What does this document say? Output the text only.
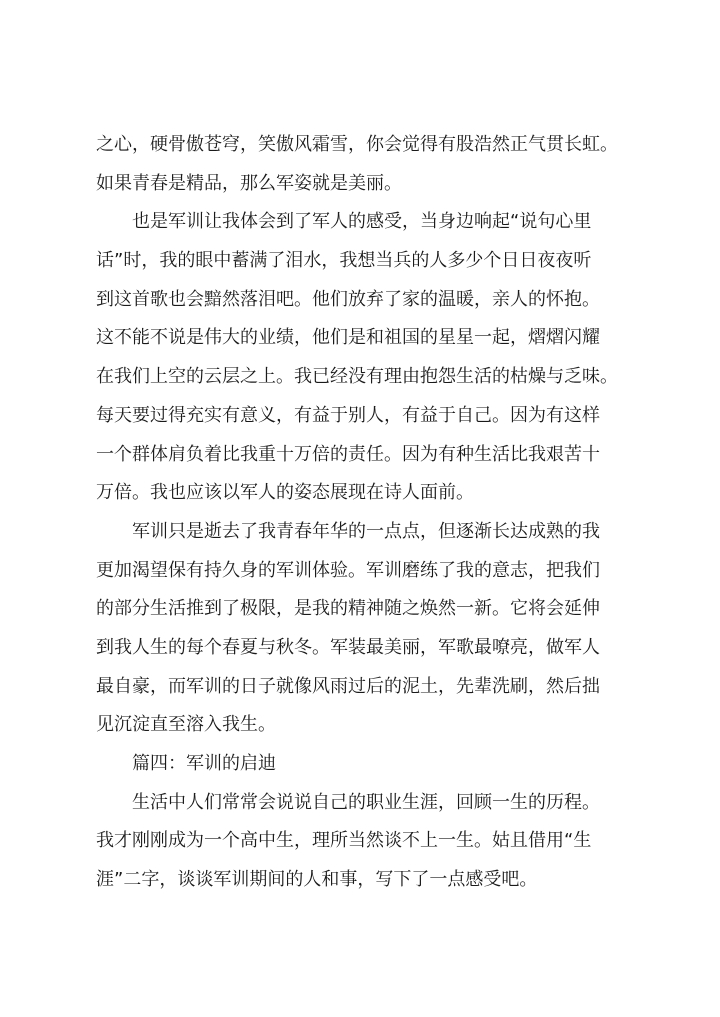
之心，硬骨傲苍穹，笑傲风霜雪，你会觉得有股浩然正气贯长虹。
如果青春是精品，那么军姿就是美丽。
也是军训让我体会到了军人的感受，当身边响起“说句心里
话”时，我的眼中蓄满了泪水，我想当兵的人多少个日日夜夜听
到这首歌也会黯然落泪吧。他们放弃了家的温暖，亲人的怀抱。
这不能不说是伟大的业绩，他们是和祖国的星星一起，熠熠闪耀
在我们上空的云层之上。我已经没有理由抱怨生活的枯燥与乏味。
每天要过得充实有意义，有益于别人，有益于自己。因为有这样
一个群体肩负着比我重十万倍的责任。因为有种生活比我艰苦十
万倍。我也应该以军人的姿态展现在诗人面前。
军训只是逝去了我青春年华的一点点，但逐渐长达成熟的我
更加渴望保有持久身的军训体验。军训磨练了我的意志，把我们
的部分生活推到了极限，是我的精神随之焕然一新。它将会延伸
到我人生的每个春夏与秋冬。军装最美丽，军歌最嘹亮，做军人
最自豪，而军训的日子就像风雨过后的泥土，先辈洗刷，然后拙
见沉淀直至溶入我生。
篇四：军训的启迪
生活中人们常常会说说自己的职业生涯，回顾一生的历程。
我才刚刚成为一个高中生，理所当然谈不上一生。姑且借用“生
涯”二字，谈谈军训期间的人和事，写下了一点感受吧。
